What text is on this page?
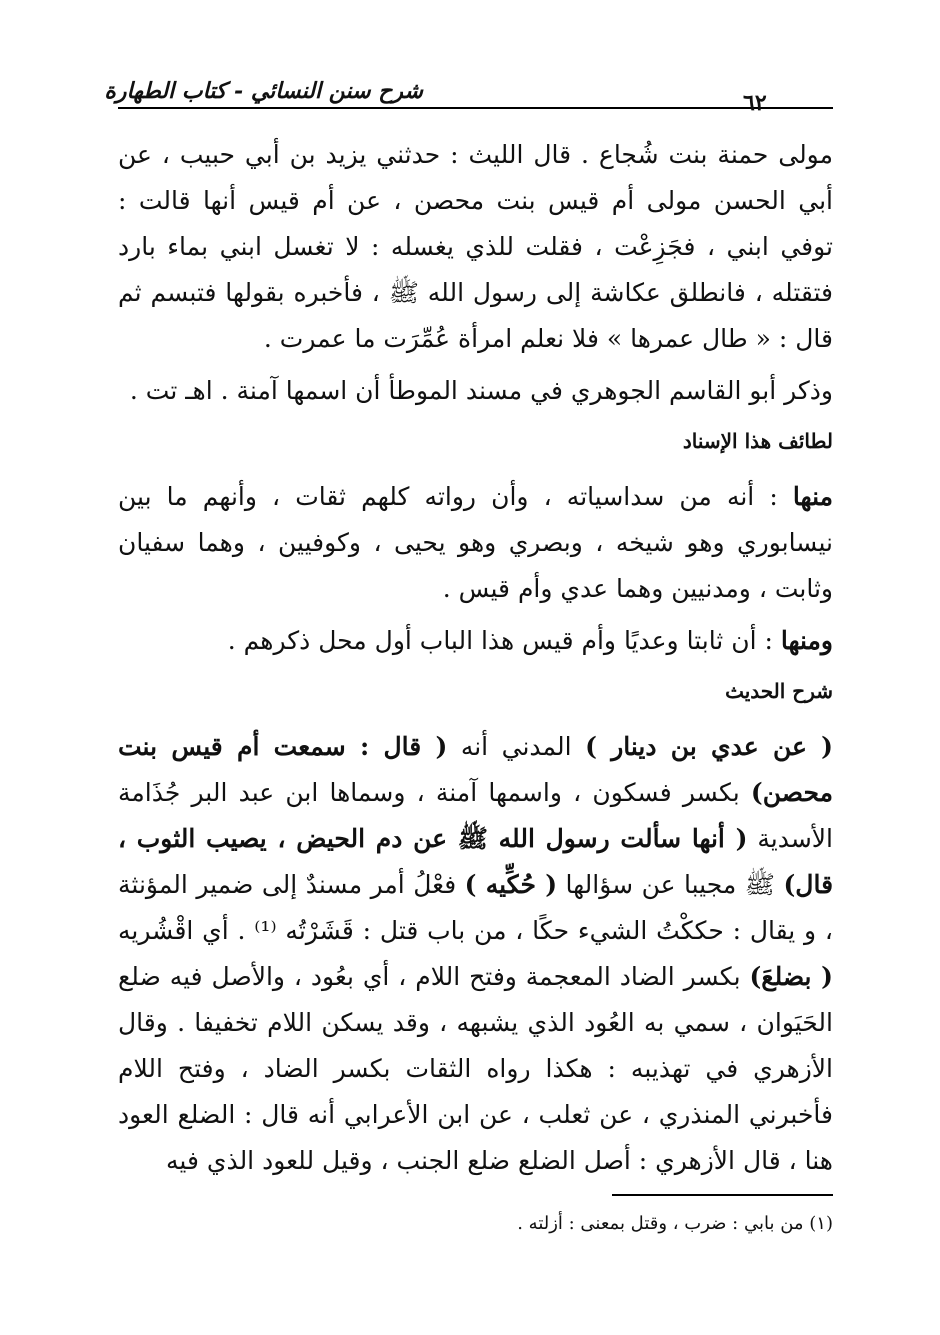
شرح سنن النسائي - كتاب الطهارة	٦٢

مولى حمنة بنت شُجاع . قال الليث : حدثني يزيد بن أبي حبيب ، عن أبي الحسن مولى أم قيس بنت محصن ، عن أم قيس أنها قالت : توفي ابني ، فجَزِعْت ، فقلت للذي يغسله : لا تغسل ابني بماء بارد فتقتله ، فانطلق عكاشة إلى رسول الله ﷺ ، فأخبره بقولها فتبسم ثم قال : « طال عمرها » فلا نعلم امرأة عُمِّرَت ما عمرت .

وذكر أبو القاسم الجوهري في مسند الموطأ أن اسمها آمنة . اهـ تت .

لطائف هذا الإسناد

منها : أنه من سداسياته ، وأن رواته كلهم ثقات ، وأنهم ما بين نيسابوري وهو شيخه ، وبصري وهو يحيى ، وكوفيين ، وهما سفيان وثابت ، ومدنيين وهما عدي وأم قيس .

ومنها : أن ثابتا وعديًا وأم قيس هذا الباب أول محل ذكرهم .

شرح الحديث

( عن عدي بن دينار ) المدني أنه ( قال : سمعت أم قيس بنت محصن) بكسر فسكون ، واسمها آمنة ، وسماها ابن عبد البر جُذَامة الأسدية ( أنها سألت رسول الله ﷺ عن دم الحيض ، يصيب الثوب ، قال) ﷺ مجيبا عن سؤالها ( حُكِّيه ) فعْلُ أمر مسندٌ إلى ضمير المؤنثة ، و يقال : حككْتُ الشيء حكًا ، من باب قتل : قَشَرْتُه ⁽¹⁾ . أي اقْشُريه ( بضلعَ) بكسر الضاد المعجمة وفتح اللام ، أي بعُود ، والأصل فيه ضلع الحَيَوان ، سمي به العُود الذي يشبهه ، وقد يسكن اللام تخفيفا . وقال الأزهري في تهذيبه : هكذا رواه الثقات بكسر الضاد ، وفتح اللام فأخبرني المنذري ، عن ثعلب ، عن ابن الأعرابي أنه قال : الضلع العود هنا ، قال الأزهري : أصل الضلع ضلع الجنب ، وقيل للعود الذي فيه

(١) من بابي : ضرب ، وقتل بمعنى : أزلته .
